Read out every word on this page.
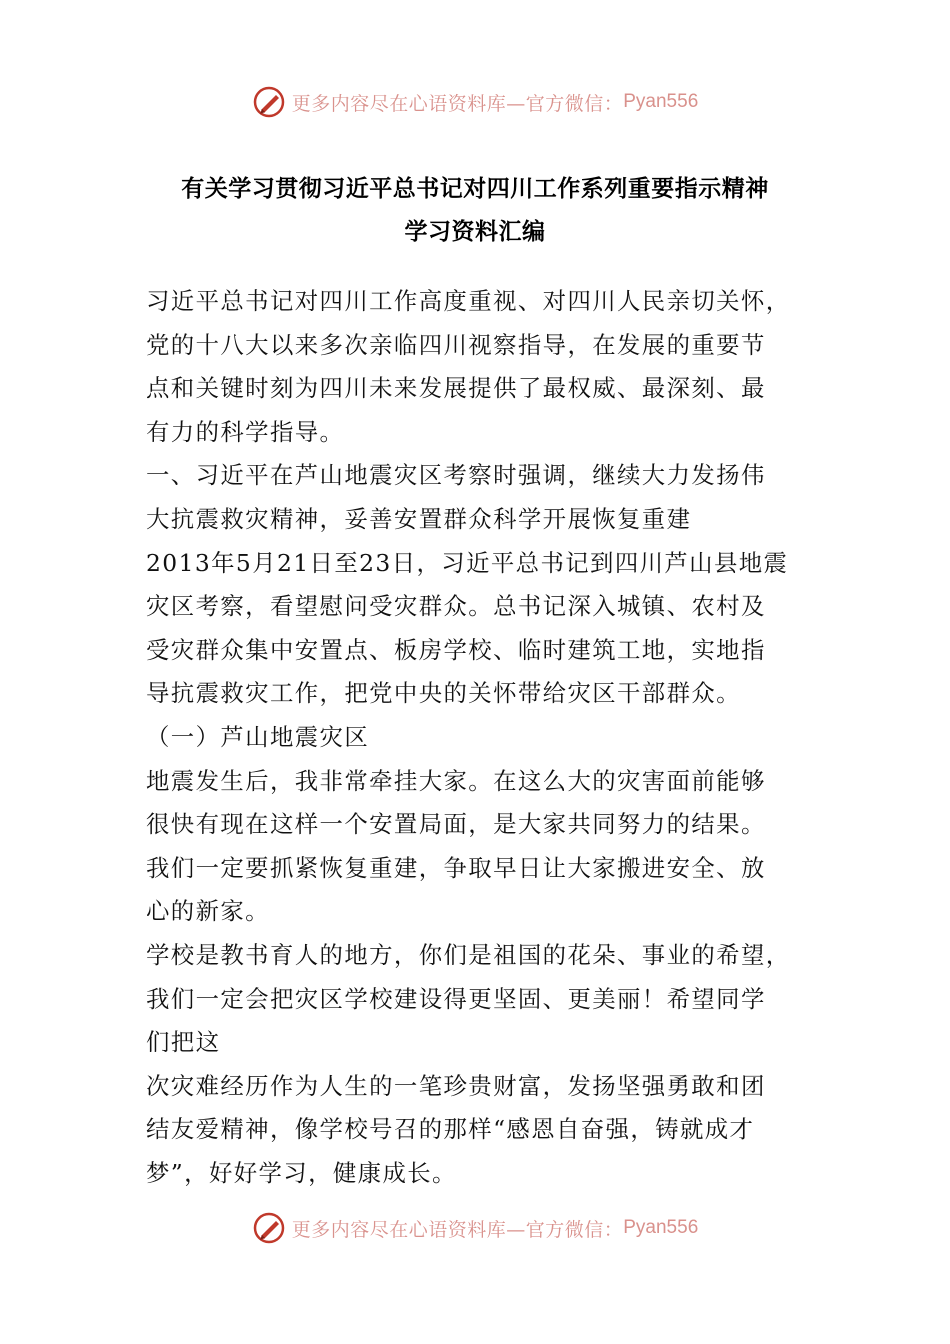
更多内容尽在心语资料库—官方微信： Pyan556
有关学习贯彻习近平总书记对四川工作系列重要指示精神
学习资料汇编
习近平总书记对四川工作高度重视、对四川人民亲切关怀，
党的十八大以来多次亲临四川视察指导，在发展的重要节
点和关键时刻为四川未来发展提供了最权威、最深刻、最
有力的科学指导。
一、习近平在芦山地震灾区考察时强调，继续大力发扬伟
大抗震救灾精神，妥善安置群众科学开展恢复重建
2013年5月21日至23日，习近平总书记到四川芦山县地震
灾区考察，看望慰问受灾群众。总书记深入城镇、农村及
受灾群众集中安置点、板房学校、临时建筑工地，实地指
导抗震救灾工作，把党中央的关怀带给灾区干部群众。
（一）芦山地震灾区
地震发生后，我非常牵挂大家。在这么大的灾害面前能够
很快有现在这样一个安置局面，是大家共同努力的结果。
我们一定要抓紧恢复重建，争取早日让大家搬进安全、放
心的新家。
学校是教书育人的地方，你们是祖国的花朵、事业的希望，
我们一定会把灾区学校建设得更坚固、更美丽！希望同学
们把这
次灾难经历作为人生的一笔珍贵财富，发扬坚强勇敢和团
结友爱精神，像学校号召的那样“感恩自奋强，铸就成才
梦”，好好学习，健康成长。
更多内容尽在心语资料库—官方微信： Pyan556
